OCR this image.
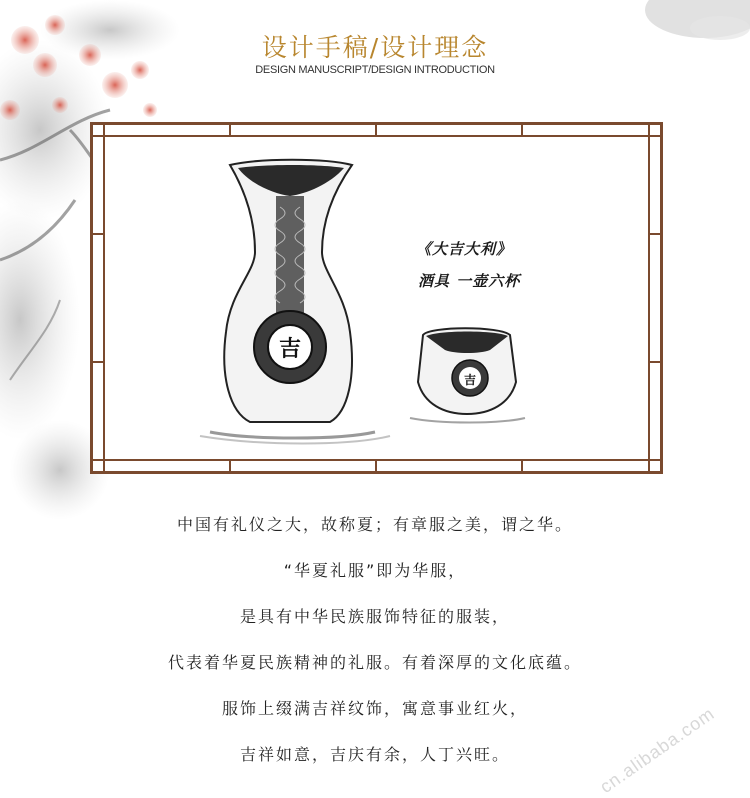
设计手稿/设计理念
DESIGN MANUSCRIPT/DESIGN INTRODUCTION
吉
吉
《大吉大利》
酒具 一壶六杯
中国有礼仪之大，故称夏；有章服之美，谓之华。
“华夏礼服”即为华服，
是具有中华民族服饰特征的服装，
代表着华夏民族精神的礼服。有着深厚的文化底蕴。
服饰上缀满吉祥纹饰，寓意事业红火，
吉祥如意，吉庆有余，人丁兴旺。	cn.alibaba.com
